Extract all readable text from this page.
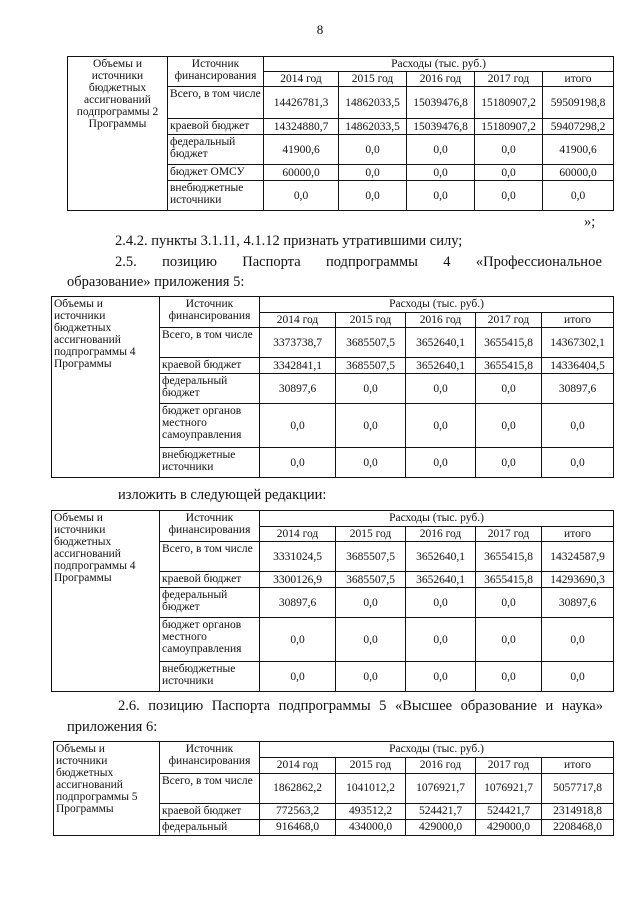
8
Объемы и источники бюджетных ассигнований подпрограммы 2 Программы	Источник финансирования	Расходы (тыс. руб.)				
		2014 год	2015 год	2016 год	2017 год	итого
	Всего, в том числе	14426781,3	14862033,5	15039476,8	15180907,2	59509198,8
	краевой бюджет	14324880,7	14862033,5	15039476,8	15180907,2	59407298,2
	федеральный бюджет	41900,6	0,0	0,0	0,0	41900,6
	бюджет ОМСУ	60000,0	0,0	0,0	0,0	60000,0
	внебюджетные источники	0,0	0,0	0,0	0,0	0,0
»;
2.4.2. пункты 3.1.11, 4.1.12 признать утратившими силу;
2.5. позицию Паспорта подпрограммы 4 «Профессиональное
образование» приложения 5:
Объемы и источники бюджетных ассигнований подпрограммы 4 Программы	Источник финансирования	Расходы (тыс. руб.)				
		2014 год	2015 год	2016 год	2017 год	итого
	Всего, в том числе	3373738,7	3685507,5	3652640,1	3655415,8	14367302,1
	краевой бюджет	3342841,1	3685507,5	3652640,1	3655415,8	14336404,5
	федеральный бюджет	30897,6	0,0	0,0	0,0	30897,6
	бюджет органов местного самоуправления	0,0	0,0	0,0	0,0	0,0
	внебюджетные источники	0,0	0,0	0,0	0,0	0,0
изложить в следующей редакции:
Объемы и источники бюджетных ассигнований подпрограммы 4 Программы	Источник финансирования	Расходы (тыс. руб.)				
		2014 год	2015 год	2016 год	2017 год	итого
	Всего, в том числе	3331024,5	3685507,5	3652640,1	3655415,8	14324587,9
	краевой бюджет	3300126,9	3685507,5	3652640,1	3655415,8	14293690,3
	федеральный бюджет	30897,6	0,0	0,0	0,0	30897,6
	бюджет органов местного самоуправления	0,0	0,0	0,0	0,0	0,0
	внебюджетные источники	0,0	0,0	0,0	0,0	0,0
2.6. позицию Паспорта подпрограммы 5 «Высшее образование и наука»
приложения 6:
Объемы и источники бюджетных ассигнований подпрограммы 5 Программы	Источник финансирования	Расходы (тыс. руб.)				
		2014 год	2015 год	2016 год	2017 год	итого
	Всего, в том числе	1862862,2	1041012,2	1076921,7	1076921,7	5057717,8
	краевой бюджет	772563,2	493512,2	524421,7	524421,7	2314918,8
	федеральный	916468,0	434000,0	429000,0	429000,0	2208468,0
